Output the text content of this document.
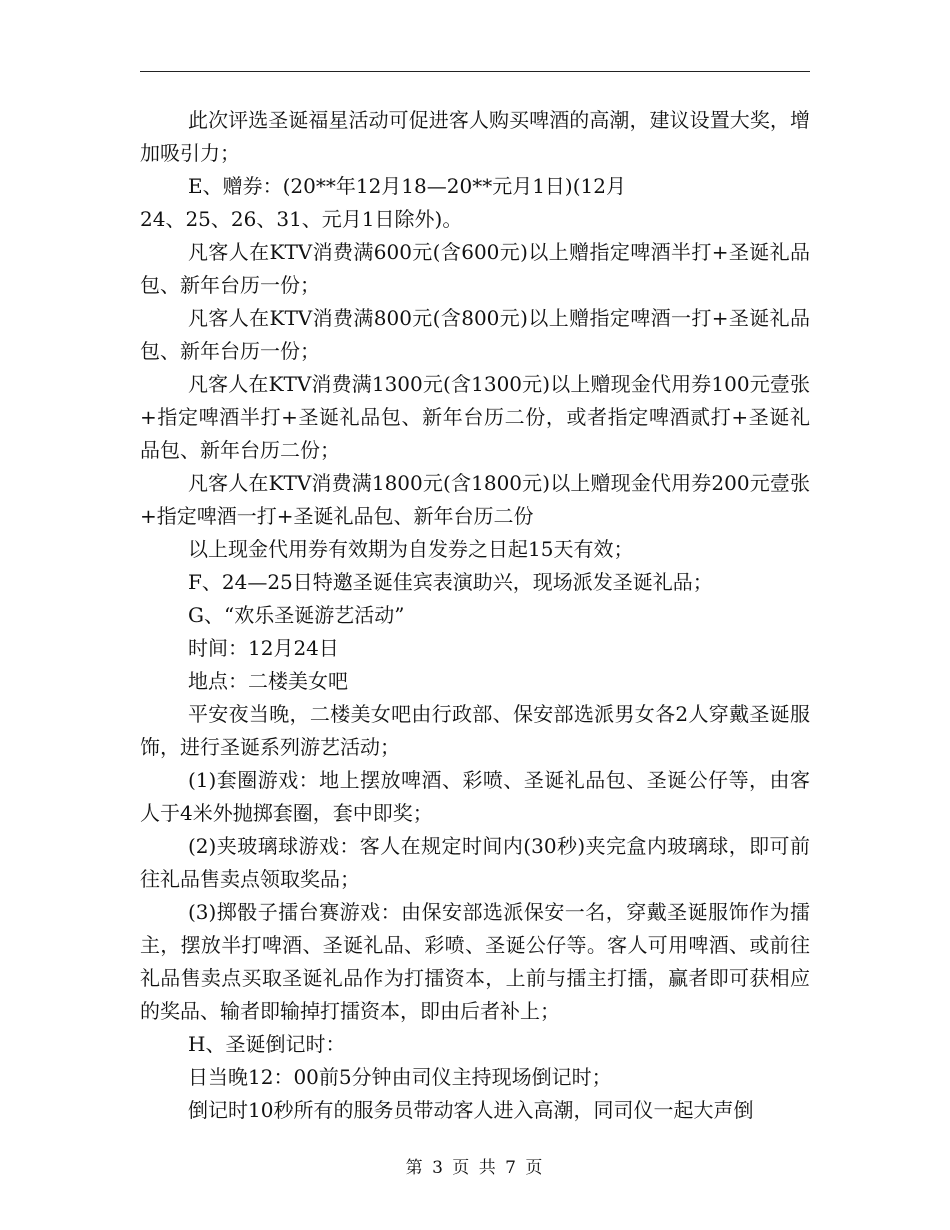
此次评选圣诞福星活动可促进客人购买啤酒的高潮，建议设置大奖，增加吸引力；

E、赠券：(20**年12月18—20**元月1日)(12月

24、25、26、31、元月1日除外)。

凡客人在KTV消费满600元(含600元)以上赠指定啤酒半打+圣诞礼品包、新年台历一份；

凡客人在KTV消费满800元(含800元)以上赠指定啤酒一打+圣诞礼品包、新年台历一份；

凡客人在KTV消费满1300元(含1300元)以上赠现金代用券100元壹张+指定啤酒半打+圣诞礼品包、新年台历二份，或者指定啤酒贰打+圣诞礼品包、新年台历二份；

凡客人在KTV消费满1800元(含1800元)以上赠现金代用券200元壹张+指定啤酒一打+圣诞礼品包、新年台历二份

以上现金代用券有效期为自发券之日起15天有效；

F、24—25日特邀圣诞佳宾表演助兴，现场派发圣诞礼品；

G、“欢乐圣诞游艺活动”

时间：12月24日

地点：二楼美女吧

平安夜当晚，二楼美女吧由行政部、保安部选派男女各2人穿戴圣诞服饰，进行圣诞系列游艺活动；

(1)套圈游戏：地上摆放啤酒、彩喷、圣诞礼品包、圣诞公仔等，由客人于4米外抛掷套圈，套中即奖；

(2)夹玻璃球游戏：客人在规定时间内(30秒)夹完盒内玻璃球，即可前往礼品售卖点领取奖品；

(3)掷骰子擂台赛游戏：由保安部选派保安一名，穿戴圣诞服饰作为擂主，摆放半打啤酒、圣诞礼品、彩喷、圣诞公仔等。客人可用啤酒、或前往礼品售卖点买取圣诞礼品作为打擂资本，上前与擂主打擂，赢者即可获相应的奖品、输者即输掉打擂资本，即由后者补上；

H、圣诞倒记时：

日当晚12：00前5分钟由司仪主持现场倒记时；

倒记时10秒所有的服务员带动客人进入高潮，同司仪一起大声倒

第 3 页 共 7 页
